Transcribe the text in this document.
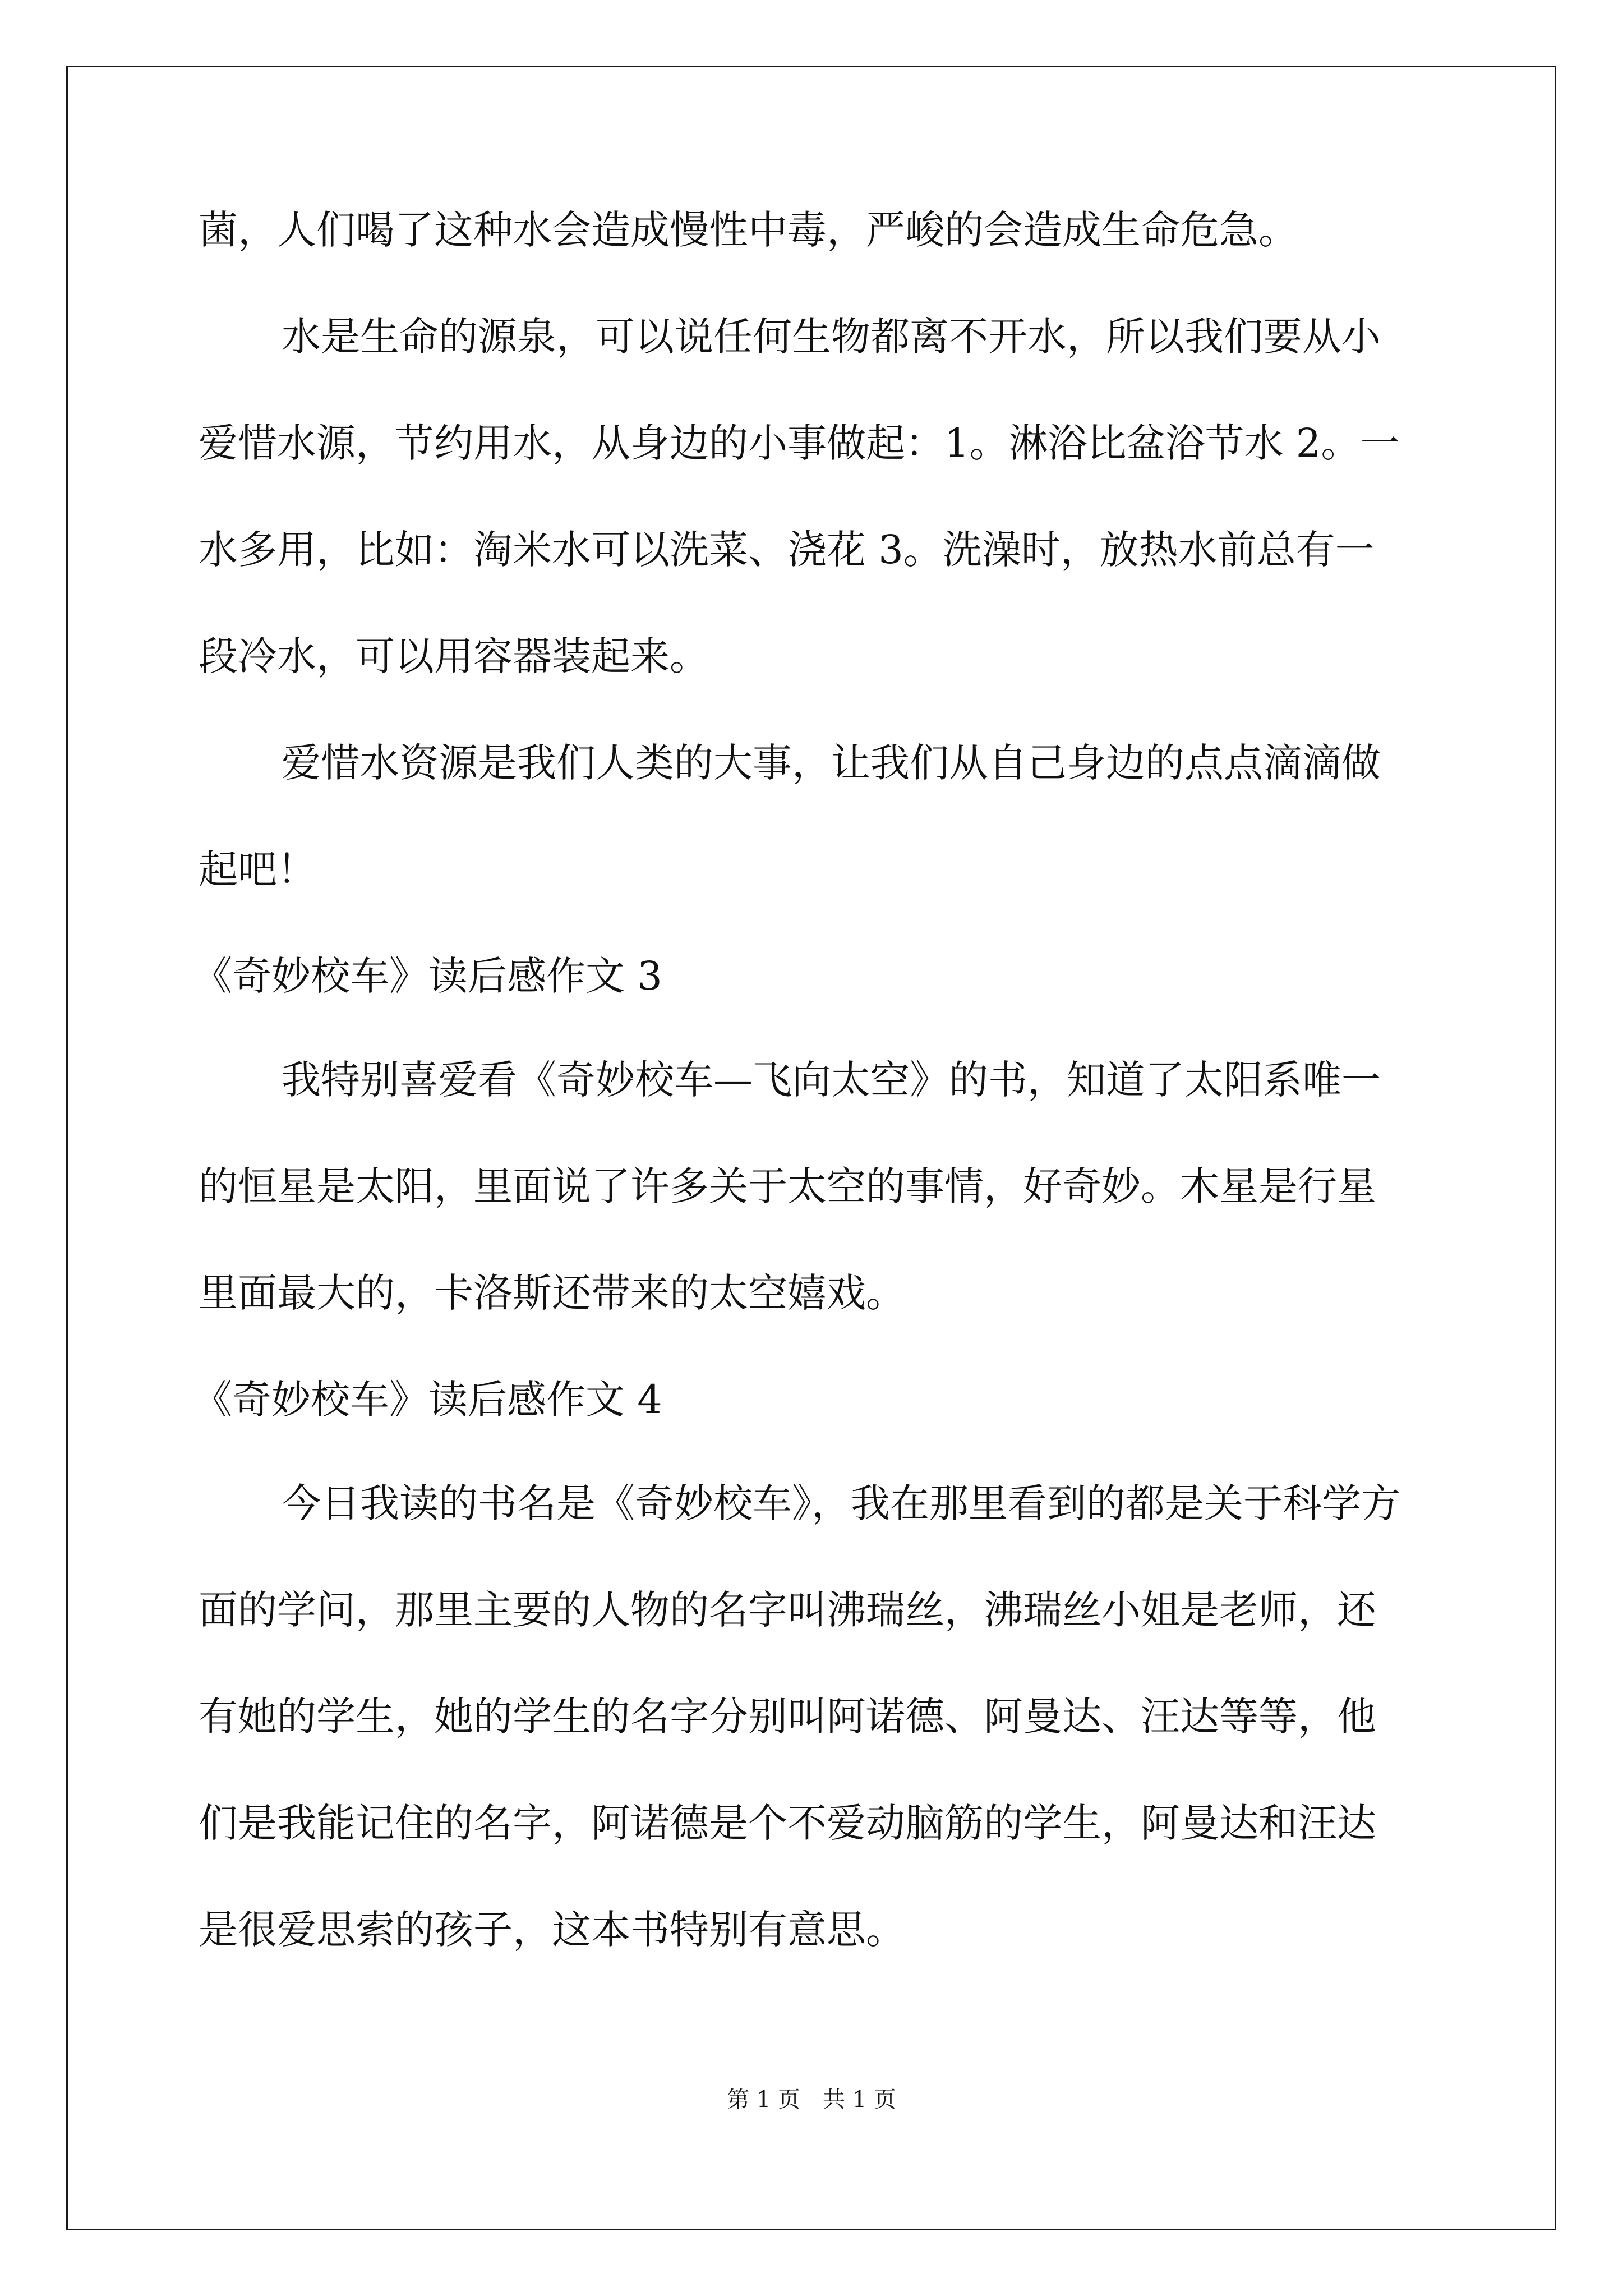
菌，人们喝了这种水会造成慢性中毒，严峻的会造成生命危急。
水是生命的源泉，可以说任何生物都离不开水，所以我们要从小
爱惜水源，节约用水，从身边的小事做起：1。淋浴比盆浴节水 2。一
水多用，比如：淘米水可以洗菜、浇花 3。洗澡时，放热水前总有一
段冷水，可以用容器装起来。
爱惜水资源是我们人类的大事，让我们从自己身边的点点滴滴做
起吧！
《奇妙校车》读后感作文 3
我特别喜爱看《奇妙校车—飞向太空》的书，知道了太阳系唯一
的恒星是太阳，里面说了许多关于太空的事情，好奇妙。木星是行星
里面最大的，卡洛斯还带来的太空嬉戏。
《奇妙校车》读后感作文 4
今日我读的书名是《奇妙校车》，我在那里看到的都是关于科学方
面的学问，那里主要的人物的名字叫沸瑞丝，沸瑞丝小姐是老师，还
有她的学生，她的学生的名字分别叫阿诺德、阿曼达、汪达等等，他
们是我能记住的名字，阿诺德是个不爱动脑筋的学生，阿曼达和汪达
是很爱思索的孩子，这本书特别有意思。
第 1 页　共 1 页
